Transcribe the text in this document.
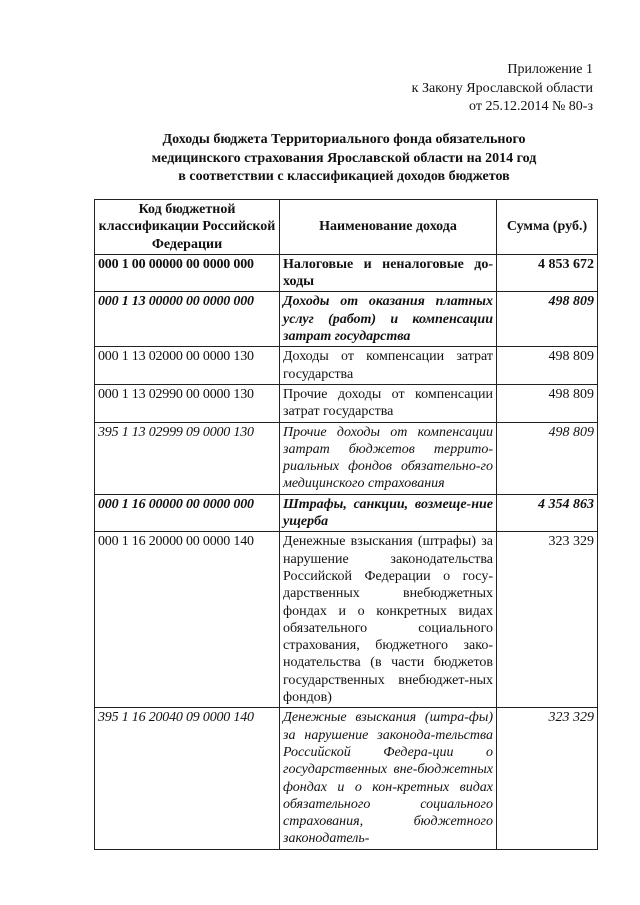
Приложение 1
к Закону Ярославской области
от 25.12.2014 № 80-з
Доходы бюджета Территориального фонда обязательного
медицинского страхования Ярославской области на 2014 год
в соответствии с классификацией доходов бюджетов
Код бюджетной классификации Российской Федерации	Наименование дохода	Сумма (руб.)
000 1 00 00000 00 0000 000	Налоговые и неналоговые до-ходы	4 853 672
000 1 13 00000 00 0000 000	Доходы от оказания платных услуг (работ) и компенсации затрат государства	498 809
000 1 13 02000 00 0000 130	Доходы от компенсации затрат государства	498 809
000 1 13 02990 00 0000 130	Прочие доходы от компенсации затрат государства	498 809
395 1 13 02999 09 0000 130	Прочие доходы от компенсации затрат бюджетов террито-риальных фондов обязательно-го медицинского страхования	498 809
000 1 16 00000 00 0000 000	Штрафы, санкции, возмеще-ние ущерба	4 354 863
000 1 16 20000 00 0000 140	Денежные взыскания (штрафы) за нарушение законодательства Российской Федерации о госу-дарственных внебюджетных фондах и о конкретных видах обязательного социального страхования, бюджетного зако-нодательства (в части бюджетов государственных внебюджет-ных фондов)	323 329
395 1 16 20040 09 0000 140	Денежные взыскания (штра-фы) за нарушение законода-тельства Российской Федера-ции о государственных вне-бюджетных фондах и о кон-кретных видах обязательного социального страхования, бюджетного законодатель-	323 329
